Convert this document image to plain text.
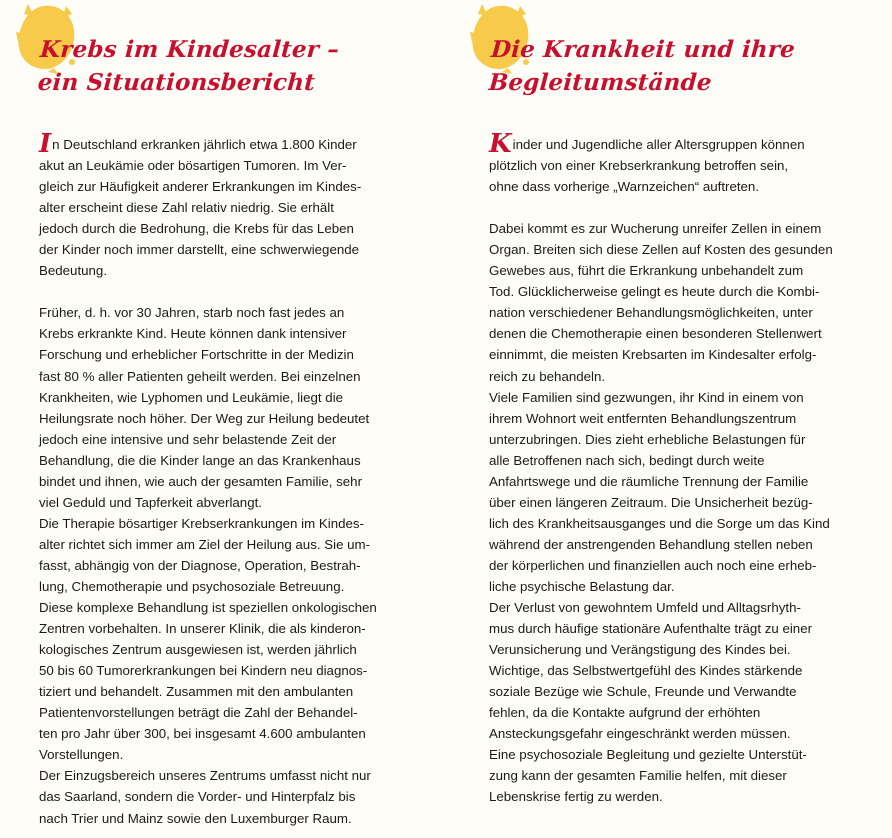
Krebs im Kindesalter –
ein Situationsbericht

In Deutschland erkranken jährlich etwa 1.800 Kinder
akut an Leukämie oder bösartigen Tumoren. Im Ver-
gleich zur Häufigkeit anderer Erkrankungen im Kindes-
alter erscheint diese Zahl relativ niedrig. Sie erhält
jedoch durch die Bedrohung, die Krebs für das Leben
der Kinder noch immer darstellt, eine schwerwiegende
Bedeutung.

Früher, d. h. vor 30 Jahren, starb noch fast jedes an
Krebs erkrankte Kind. Heute können dank intensiver
Forschung und erheblicher Fortschritte in der Medizin
fast 80 % aller Patienten geheilt werden. Bei einzelnen
Krankheiten, wie Lyphomen und Leukämie, liegt die
Heilungsrate noch höher. Der Weg zur Heilung bedeutet
jedoch eine intensive und sehr belastende Zeit der
Behandlung, die die Kinder lange an das Krankenhaus
bindet und ihnen, wie auch der gesamten Familie, sehr
viel Geduld und Tapferkeit abverlangt.

Die Therapie bösartiger Krebserkrankungen im Kindes-
alter richtet sich immer am Ziel der Heilung aus. Sie um-
fasst, abhängig von der Diagnose, Operation, Bestrah-
lung, Chemotherapie und psychosoziale Betreuung.
Diese komplexe Behandlung ist speziellen onkologischen
Zentren vorbehalten. In unserer Klinik, die als kinderon-
kologisches Zentrum ausgewiesen ist, werden jährlich
50 bis 60 Tumorerkrankungen bei Kindern neu diagnos-
tiziert und behandelt. Zusammen mit den ambulanten
Patientenvorstellungen beträgt die Zahl der Behandel-
ten pro Jahr über 300, bei insgesamt 4.600 ambulanten
Vorstellungen.

Der Einzugsbereich unseres Zentrums umfasst nicht nur
das Saarland, sondern die Vorder- und Hinterpfalz bis
nach Trier und Mainz sowie den Luxemburger Raum.

Die Krankheit und ihre
Begleitumstände

Kinder und Jugendliche aller Altersgruppen können
plötzlich von einer Krebserkrankung betroffen sein,
ohne dass vorherige „Warnzeichen“ auftreten.

Dabei kommt es zur Wucherung unreifer Zellen in einem
Organ. Breiten sich diese Zellen auf Kosten des gesunden
Gewebes aus, führt die Erkrankung unbehandelt zum
Tod. Glücklicherweise gelingt es heute durch die Kombi-
nation verschiedener Behandlungsmöglichkeiten, unter
denen die Chemotherapie einen besonderen Stellenwert
einnimmt, die meisten Krebsarten im Kindesalter erfolg-
reich zu behandeln.

Viele Familien sind gezwungen, ihr Kind in einem von
ihrem Wohnort weit entfernten Behandlungszentrum
unterzubringen. Dies zieht erhebliche Belastungen für
alle Betroffenen nach sich, bedingt durch weite
Anfahrtswege und die räumliche Trennung der Familie
über einen längeren Zeitraum. Die Unsicherheit bezüg-
lich des Krankheitsausganges und die Sorge um das Kind
während der anstrengenden Behandlung stellen neben
der körperlichen und finanziellen auch noch eine erheb-
liche psychische Belastung dar.

Der Verlust von gewohntem Umfeld und Alltagsrhyth-
mus durch häufige stationäre Aufenthalte trägt zu einer
Verunsicherung und Verängstigung des Kindes bei.
Wichtige, das Selbstwertgefühl des Kindes stärkende
soziale Bezüge wie Schule, Freunde und Verwandte
fehlen, da die Kontakte aufgrund der erhöhten
Ansteckungsgefahr eingeschränkt werden müssen.

Eine psychosoziale Begleitung und gezielte Unterstüt-
zung kann der gesamten Familie helfen, mit dieser
Lebenskrise fertig zu werden.
